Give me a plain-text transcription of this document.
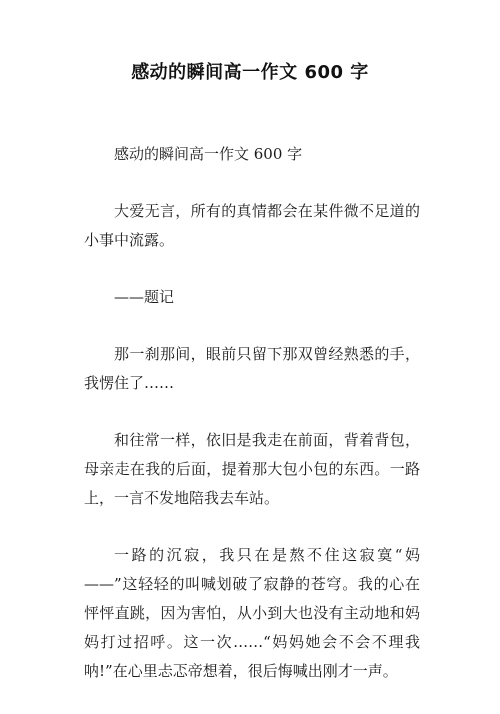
感动的瞬间高一作文 600 字

感动的瞬间高一作文 600 字

大爱无言，所有的真情都会在某件微不足道的小事中流露。

——题记

那一刹那间，眼前只留下那双曾经熟悉的手，我愣住了……

和往常一样，依旧是我走在前面，背着背包，母亲走在我的后面，提着那大包小包的东西。一路上，一言不发地陪我去车站。

一路的沉寂，我只在是熬不住这寂寞“妈——”这轻轻的叫喊划破了寂静的苍穹。我的心在怦怦直跳，因为害怕，从小到大也没有主动地和妈妈打过招呼。这一次……“妈妈她会不会不理我呐!”在心里忐忑帝想着，很后悔喊出刚才一声。
